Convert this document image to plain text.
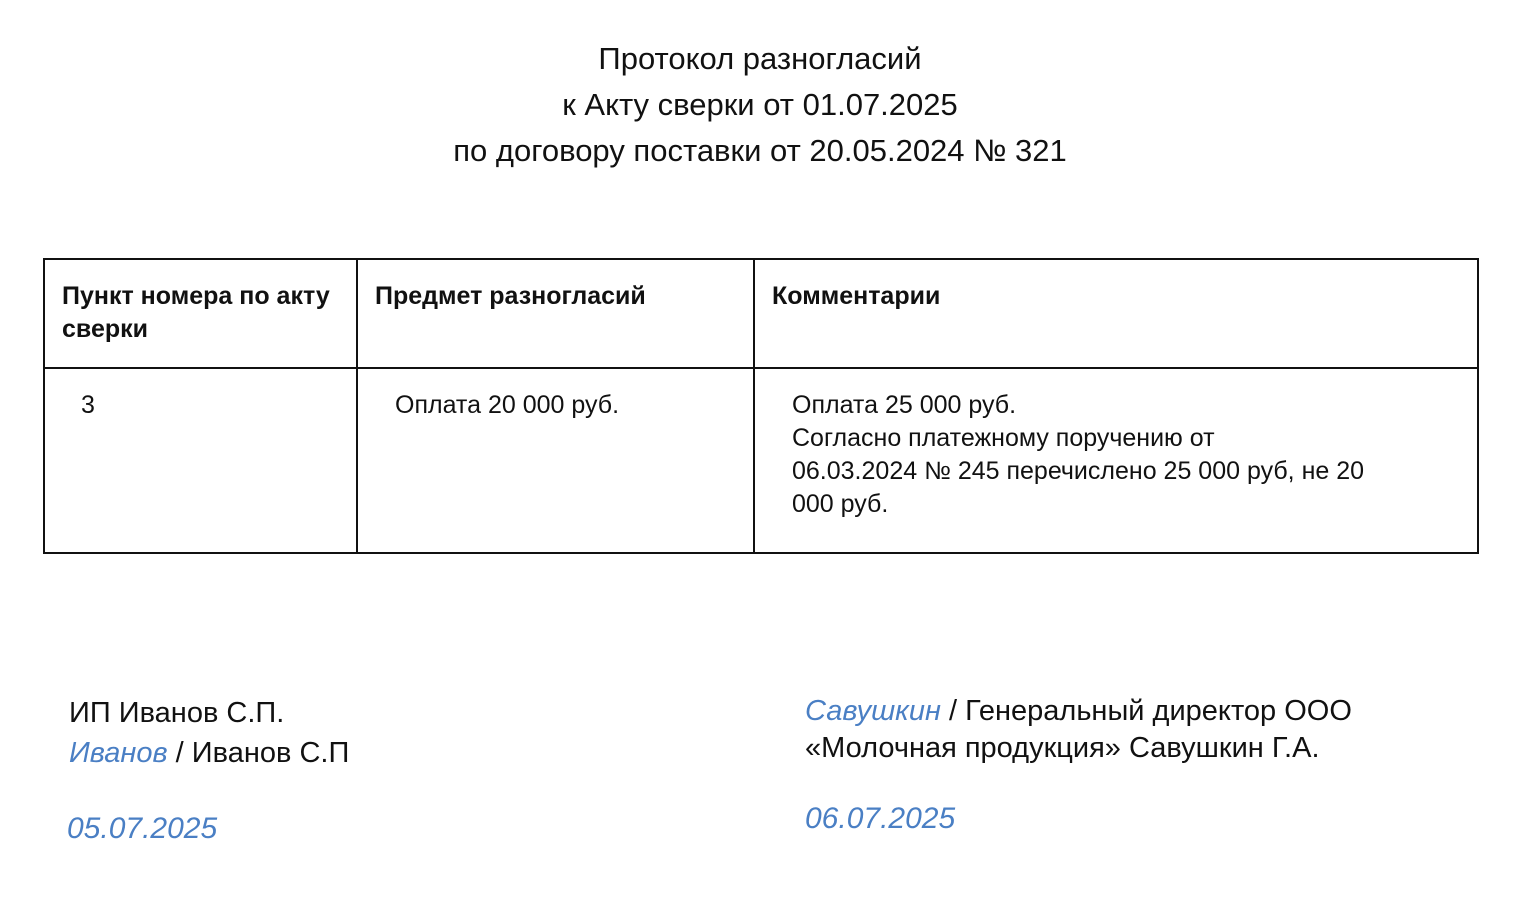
Протокол разногласий
к Акту сверки от 01.07.2025
по договору поставки от 20.05.2024 № 321
Пункт номера по акту сверки	Предмет разногласий	Комментарии
3	Оплата 20 000 руб.	Оплата 25 000 руб.
Согласно платежному поручению от
06.03.2024 № 245 перечислено 25 000 руб, не 20
000 руб.
ИП Иванов С.П.
Иванов / Иванов С.П
05.07.2025
Савушкин / Генеральный директор ООО
«Молочная продукция» Савушкин Г.А.
06.07.2025
